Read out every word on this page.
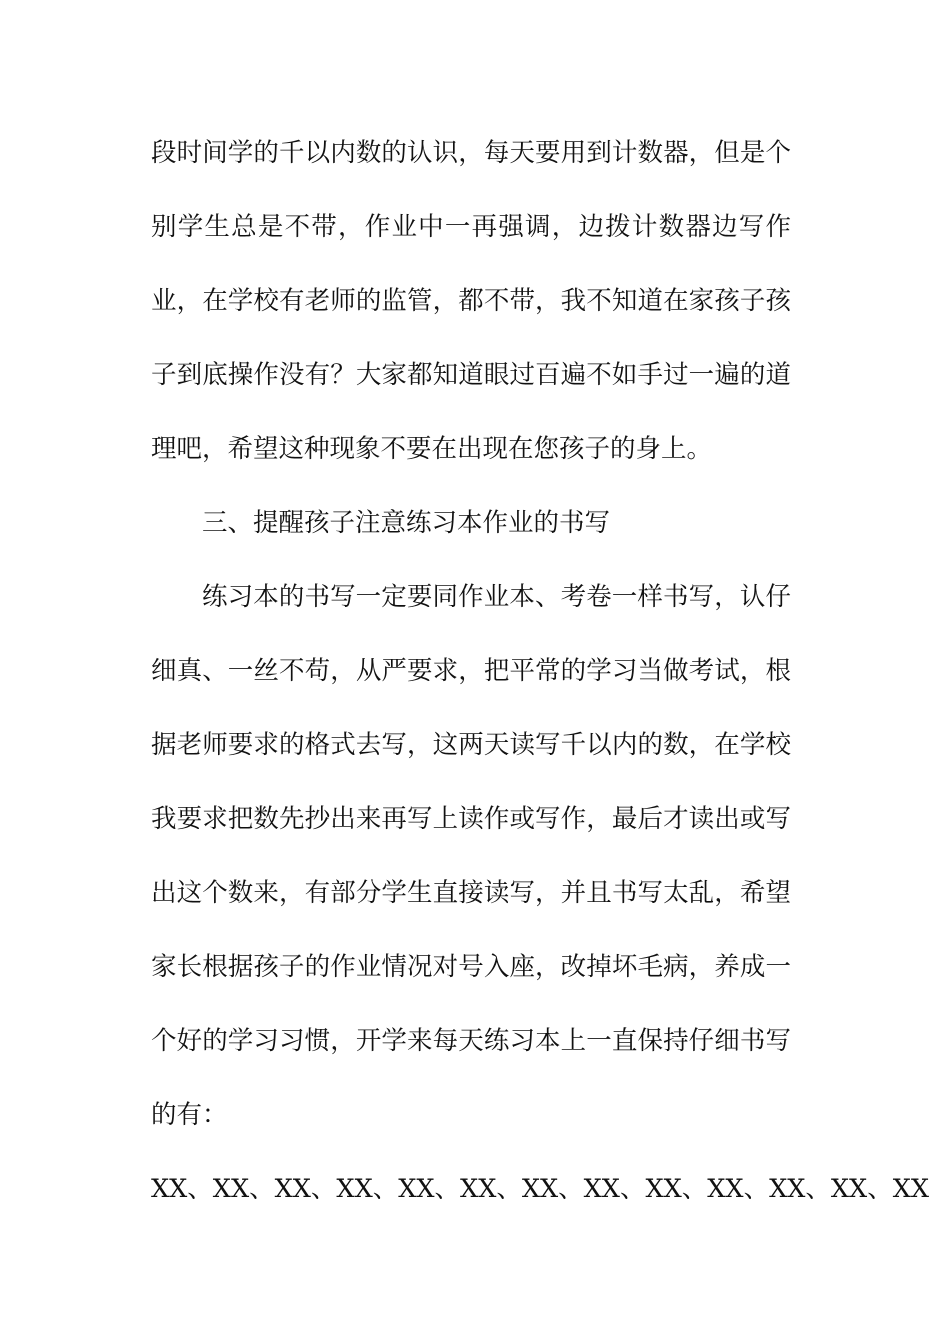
段时间学的千以内数的认识，每天要用到计数器，但是个
别学生总是不带，作业中一再强调，边拨计数器边写作
业，在学校有老师的监管，都不带，我不知道在家孩子孩
子到底操作没有？大家都知道眼过百遍不如手过一遍的道
理吧，希望这种现象不要在出现在您孩子的身上。
三、提醒孩子注意练习本作业的书写
练习本的书写一定要同作业本、考卷一样书写，认仔
细真、一丝不苟，从严要求，把平常的学习当做考试，根
据老师要求的格式去写，这两天读写千以内的数，在学校
我要求把数先抄出来再写上读作或写作，最后才读出或写
出这个数来，有部分学生直接读写，并且书写太乱，希望
家长根据孩子的作业情况对号入座，改掉坏毛病，养成一
个好的学习习惯，开学来每天练习本上一直保持仔细书写
的有：
XX、XX、XX、XX、XX、XX、XX、XX、XX、XX、XX、XX、XX
